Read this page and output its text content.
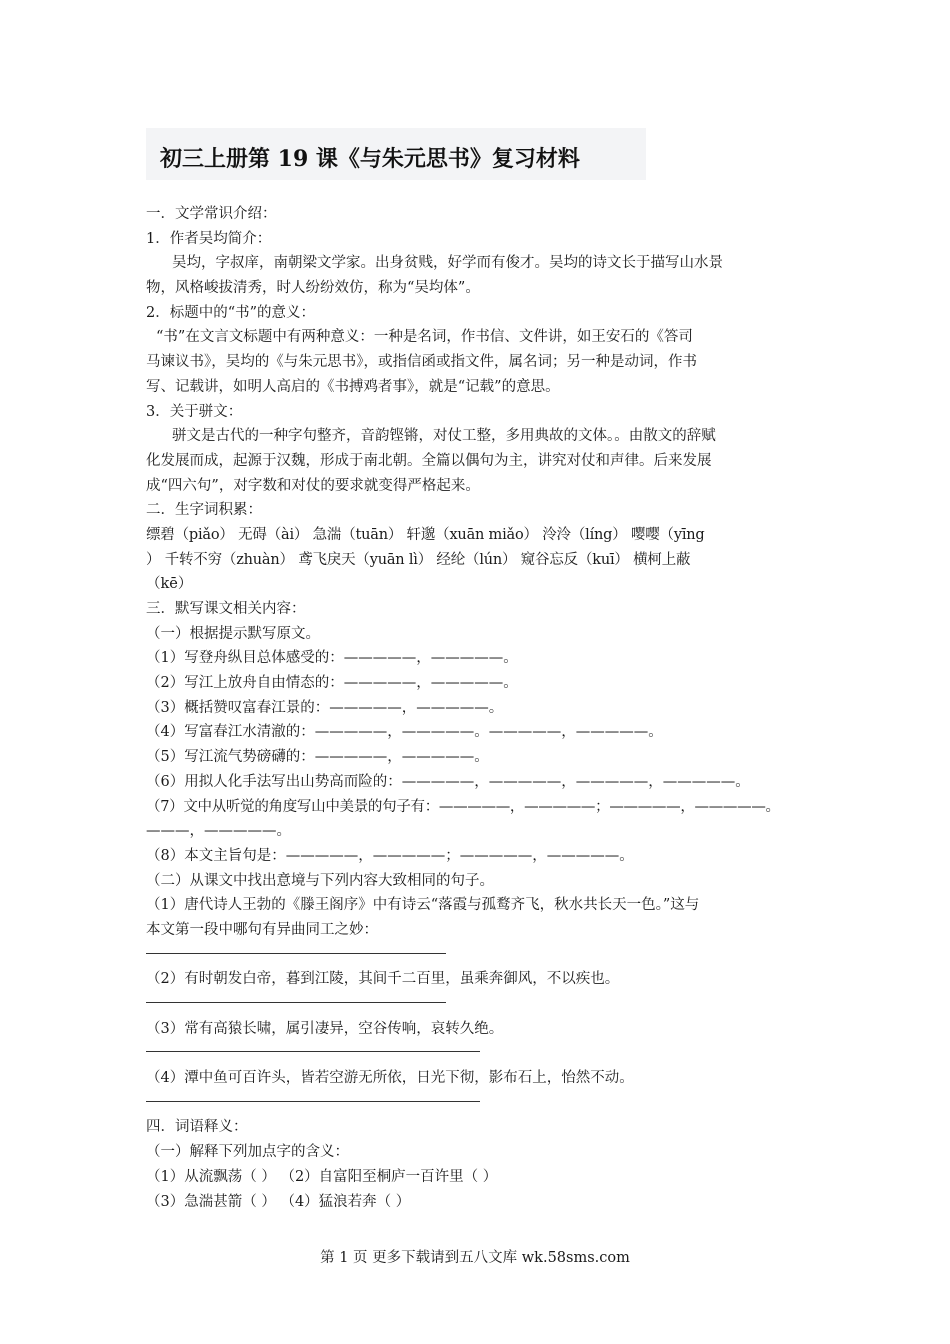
初三上册第 19 课《与朱元思书》复习材料
一．文学常识介绍：
1．作者吴均简介：
吴均，字叔庠，南朝梁文学家。出身贫贱，好学而有俊才。吴均的诗文长于描写山水景
物，风格峻拔清秀，时人纷纷效仿，称为“吴均体”。
2．标题中的“书”的意义：
“书”在文言文标题中有两种意义：一种是名词，作书信、文件讲，如王安石的《答司
马谏议书》，吴均的《与朱元思书》，或指信函或指文件，属名词；另一种是动词，作书
写、记载讲，如明人高启的《书搏鸡者事》，就是“记载”的意思。
3．关于骈文：
骈文是古代的一种字句整齐，音韵铿锵，对仗工整，多用典故的文体。。由散文的辞赋
化发展而成，起源于汉魏，形成于南北朝。全篇以偶句为主，讲究对仗和声律。后来发展
成“四六句”，对字数和对仗的要求就变得严格起来。
二．生字词积累：
缥碧（piǎo） 无碍（ài） 急湍（tuān） 轩邈（xuān miǎo） 泠泠（líng） 嘤嘤（yīng
） 千转不穷（zhuàn） 鸢飞戾天（yuān lì） 经纶（lún） 窥谷忘反（kuī） 横柯上蔽
（kē）
三．默写课文相关内容：
（一）根据提示默写原文。
（1）写登舟纵目总体感受的：—————，—————。
（2）写江上放舟自由情态的：—————，—————。
（3）概括赞叹富春江景的：—————，—————。
（4）写富春江水清澈的：—————，—————。—————，—————。
（5）写江流气势磅礴的：—————，—————。
（6）用拟人化手法写出山势高而险的：—————，—————，—————，—————。
（7）文中从听觉的角度写山中美景的句子有：—————，—————；—————，—————。
———，—————。
（8）本文主旨句是：—————，—————；—————，—————。
（二）从课文中找出意境与下列内容大致相同的句子。
（1）唐代诗人王勃的《滕王阁序》中有诗云“落霞与孤鹜齐飞，秋水共长天一色。”这与
本文第一段中哪句有异曲同工之妙：
（2）有时朝发白帝，暮到江陵，其间千二百里，虽乘奔御风，不以疾也。
（3）常有高猿长啸，属引凄异，空谷传响，哀转久绝。
（4）潭中鱼可百许头，皆若空游无所依，日光下彻，影布石上，怡然不动。
四．词语释义：
（一）解释下列加点字的含义：
（1）从流飘荡（ ） （2）自富阳至桐庐一百许里（ ）
（3）急湍甚箭（ ） （4）猛浪若奔（ ）
第 1 页 更多下载请到五八文库 wk.58sms.com
